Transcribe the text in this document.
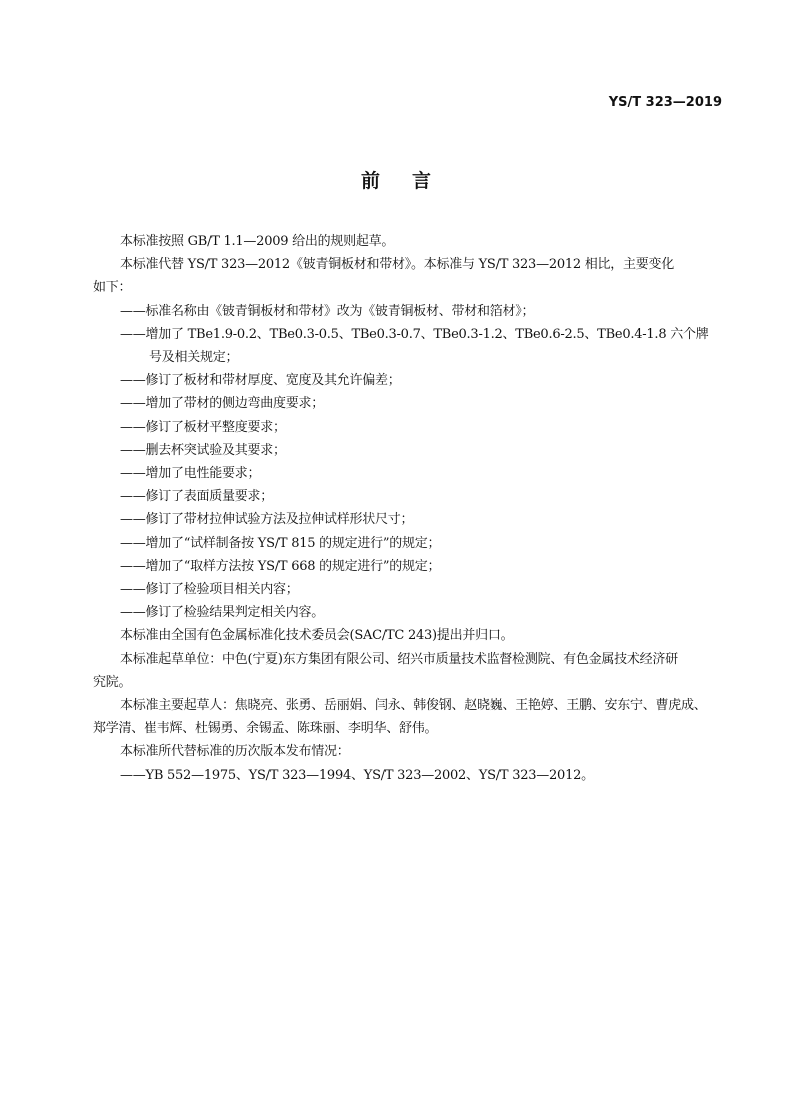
YS/T 323—2019
前言

本标准按照 GB/T 1.1—2009 给出的规则起草。

本标准代替 YS/T 323—2012《铍青铜板材和带材》。本标准与 YS/T 323—2012 相比，主要变化

如下：

——标准名称由《铍青铜板材和带材》改为《铍青铜板材、带材和箔材》；

——增加了 TBe1.9-0.2、TBe0.3-0.5、TBe0.3-0.7、TBe0.3-1.2、TBe0.6-2.5、TBe0.4-1.8 六个牌

号及相关规定；

——修订了板材和带材厚度、宽度及其允许偏差；

——增加了带材的侧边弯曲度要求；

——修订了板材平整度要求；

——删去杯突试验及其要求；

——增加了电性能要求；

——修订了表面质量要求；

——修订了带材拉伸试验方法及拉伸试样形状尺寸；

——增加了“试样制备按 YS/T 815 的规定进行”的规定；

——增加了“取样方法按 YS/T 668 的规定进行”的规定；

——修订了检验项目相关内容；

——修订了检验结果判定相关内容。

本标准由全国有色金属标准化技术委员会(SAC/TC 243)提出并归口。

本标准起草单位：中色(宁夏)东方集团有限公司、绍兴市质量技术监督检测院、有色金属技术经济研

究院。

本标准主要起草人：焦晓亮、张勇、岳丽娟、闫永、韩俊钢、赵晓巍、王艳婷、王鹏、安东宁、曹虎成、

郑学清、崔韦辉、杜锡勇、余锡孟、陈珠丽、李明华、舒伟。

本标准所代替标准的历次版本发布情况：

——YB 552—1975、YS/T 323—1994、YS/T 323—2002、YS/T 323—2012。
